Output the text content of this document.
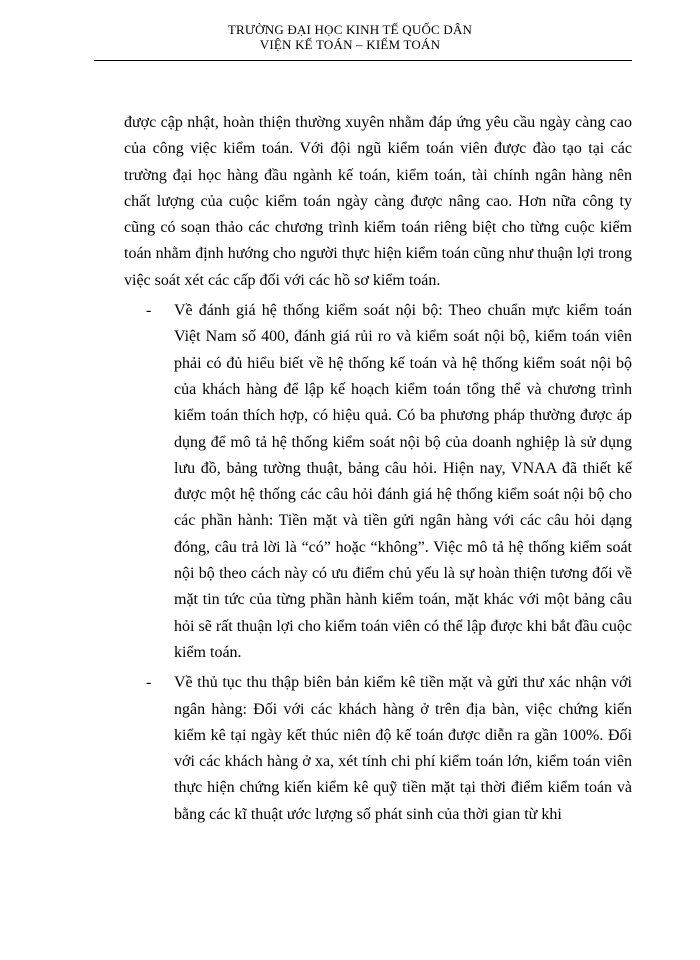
TRƯỜNG ĐẠI HỌC KINH TẾ QUỐC DÂN
VIỆN KẾ TOÁN – KIỂM TOÁN

được cập nhật, hoàn thiện thường xuyên nhằm đáp ứng yêu cầu ngày càng cao của công việc kiểm toán. Với đội ngũ kiểm toán viên được đào tạo tại các trường đại học hàng đầu ngành kế toán, kiểm toán, tài chính ngân hàng nên chất lượng của cuộc kiểm toán ngày càng được nâng cao. Hơn nữa công ty cũng có soạn thảo các chương trình kiểm toán riêng biệt cho từng cuộc kiểm toán nhằm định hướng cho người thực hiện kiểm toán cũng như thuận lợi trong việc soát xét các cấp đối với các hồ sơ kiểm toán.

-	Về đánh giá hệ thống kiểm soát nội bộ: Theo chuẩn mực kiểm toán Việt Nam số 400, đánh giá rủi ro và kiểm soát nội bộ, kiểm toán viên phải có đủ hiểu biết về hệ thống kế toán và hệ thống kiểm soát nội bộ của khách hàng để lập kế hoạch kiểm toán tổng thể và chương trình kiểm toán thích hợp, có hiệu quả. Có ba phương pháp thường được áp dụng để mô tả hệ thống kiểm soát nội bộ của doanh nghiệp là sử dụng lưu đồ, bảng tường thuật, bảng câu hỏi. Hiện nay, VNAA đã thiết kế được một hệ thống các câu hỏi đánh giá hệ thống kiểm soát nội bộ cho các phần hành: Tiền mặt và tiền gửi ngân hàng với các câu hỏi dạng đóng, câu trả lời là “có” hoặc “không”. Việc mô tả hệ thống kiểm soát nội bộ theo cách này có ưu điểm chủ yếu là sự hoàn thiện tương đối về mặt tin tức của từng phần hành kiểm toán, mặt khác với một bảng câu hỏi sẽ rất thuận lợi cho kiểm toán viên có thể lập được khi bắt đầu cuộc kiểm toán.
-	Về thủ tục thu thập biên bản kiểm kê tiền mặt và gửi thư xác nhận với ngân hàng: Đối với các khách hàng ở trên địa bàn, việc chứng kiến kiểm kê tại ngày kết thúc niên độ kế toán được diễn ra gần 100%. Đối với các khách hàng ở xa, xét tính chi phí kiểm toán lớn, kiểm toán viên thực hiện chứng kiến kiểm kê quỹ tiền mặt tại thời điểm kiểm toán và bằng các kĩ thuật ước lượng số phát sinh của thời gian từ khi
